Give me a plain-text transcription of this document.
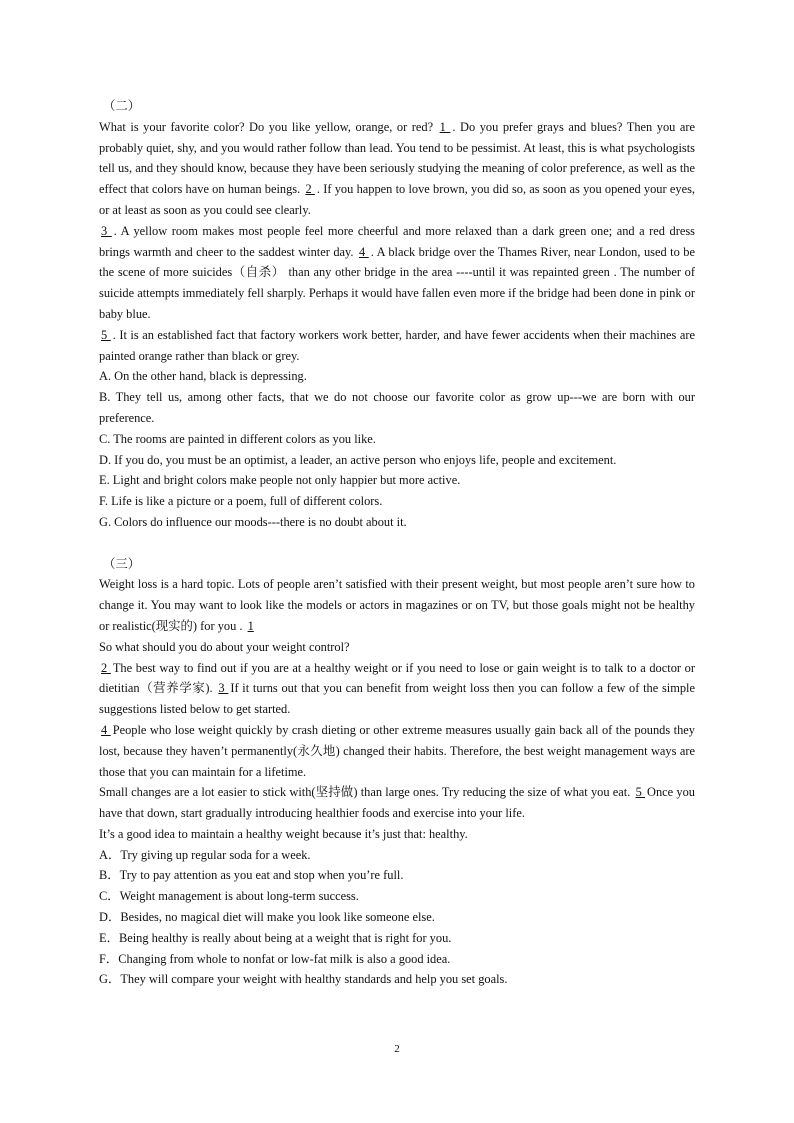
（二）

What is your favorite color? Do you like yellow, orange, or red? 1 . Do you prefer grays and blues? Then you are probably quiet, shy, and you would rather follow than lead. You tend to be pessimist. At least, this is what psychologists tell us, and they should know, because they have been seriously studying the meaning of color preference, as well as the effect that colors have on human beings. 2 . If you happen to love brown, you did so, as soon as you opened your eyes, or at least as soon as you could see clearly.

3 . A yellow room makes most people feel more cheerful and more relaxed than a dark green one; and a red dress brings warmth and cheer to the saddest winter day. 4 . A black bridge over the Thames River, near London, used to be the scene of more suicides（自杀） than any other bridge in the area ----until it was repainted green . The number of suicide attempts immediately fell sharply. Perhaps it would have fallen even more if the bridge had been done in pink or baby blue.

5 . It is an established fact that factory workers work better, harder, and have fewer accidents when their machines are painted orange rather than black or grey.

A. On the other hand, black is depressing.

B. They tell us, among other facts, that we do not choose our favorite color as grow up---we are born with our preference.

C. The rooms are painted in different colors as you like.

D. If you do, you must be an optimist, a leader, an active person who enjoys life, people and excitement.

E. Light and bright colors make people not only happier but more active.

F. Life is like a picture or a poem, full of different colors.

G. Colors do influence our moods---there is no doubt about it.

（三）

Weight loss is a hard topic. Lots of people aren’t satisfied with their present weight, but most people aren’t sure how to change it. You may want to look like the models or actors in magazines or on TV, but those goals might not be healthy or realistic(现实的) for you . 1

So what should you do about your weight control?

2 The best way to find out if you are at a healthy weight or if you need to lose or gain weight is to talk to a doctor or dietitian（营养学家). 3 If it turns out that you can benefit from weight loss then you can follow a few of the simple suggestions listed below to get started.

4 People who lose weight quickly by crash dieting or other extreme measures usually gain back all of the pounds they lost, because they haven’t permanently(永久地) changed their habits. Therefore, the best weight management ways are those that you can maintain for a lifetime.

Small changes are a lot easier to stick with(坚持做) than large ones. Try reducing the size of what you eat. 5 Once you have that down, start gradually introducing healthier foods and exercise into your life.

It’s a good idea to maintain a healthy weight because it’s just that: healthy.

A．Try giving up regular soda for a week.

B．Try to pay attention as you eat and stop when you’re full.

C．Weight management is about long-term success.

D．Besides, no magical diet will make you look like someone else.

E．Being healthy is really about being at a weight that is right for you.

F．Changing from whole to nonfat or low-fat milk is also a good idea.

G．They will compare your weight with healthy standards and help you set goals.

2
